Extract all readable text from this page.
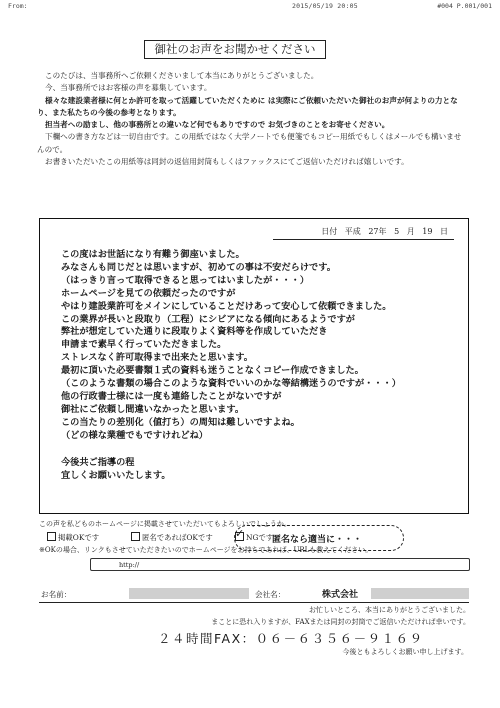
From:	2015/05/19 20:05	#004 P.001/001
御社のお声をお聞かせください

このたびは、当事務所へご依頼くださいまして本当にありがとうございました。

今、当事務所ではお客様の声を募集しています。

様々な建設業者様に何とか許可を取って活躍していただくために は実際にご依頼いただいた御社のお声が何よりの力となり、また私たちの今後の参考となります。

担当者への励まし、他の事務所との違いなど何でもありですので お気づきのことをお寄せください。

下欄への書き方などは一切自由です。この用紙ではなく大学ノートでも便箋でもコピー用紙でもしくはメールでも構いませんので。

お書きいただいたこの用紙等は同封の返信用封筒もしくはファックスにてご返信いただければ嬉しいです。

日付 平成 27年 5 月 19 日
この度はお世話になり有難う御座いました。
みなさんも同じだとは思いますが、初めての事は不安だらけです。
（はっきり言って取得できると思ってはいましたが・・・）
ホームページを見ての依頼だったのですが
やはり建設業許可をメインにしていることだけあって安心して依頼できました。
この業界が長いと段取り（工程）にシビアになる傾向にあるようですが
弊社が想定していた通りに段取りよく資料等を作成していただき
申請まで素早く行っていただきました。
ストレスなく許可取得まで出来たと思います。
最初に頂いた必要書類１式の資料も迷うことなくコピー作成できました。
（このような書類の場合このような資料でいいのかな等結構迷うのですが・・・）
他の行政書士様には一度も連絡したことがないですが
御社にご依頼し間違いなかったと思います。
この当たりの差別化（値打ち）の周知は難しいですよね。
（どの様な業種でもですけれどね）
今後共ご指導の程
宜しくお願いいたします。
この声を私どものホームページに掲載させていただいてもよろしいでしょうか。
掲載OKです	匿名であればOKです
✓	NGです
※OKの場合、リンクもさせていただきたいのでホームページをお持ちであれば、URLも教えてください。
匿名なら適当に・・・
http://
お名前：	会社名：	株式会社
お忙しいところ、本当にありがとうございました。
まことに恐れ入りますが、FAXまたは同封の封筒でご返信いただければ幸いです。
２４時間FAX：０６－６３５６－９１６９
今後ともよろしくお願い申し上げます。
